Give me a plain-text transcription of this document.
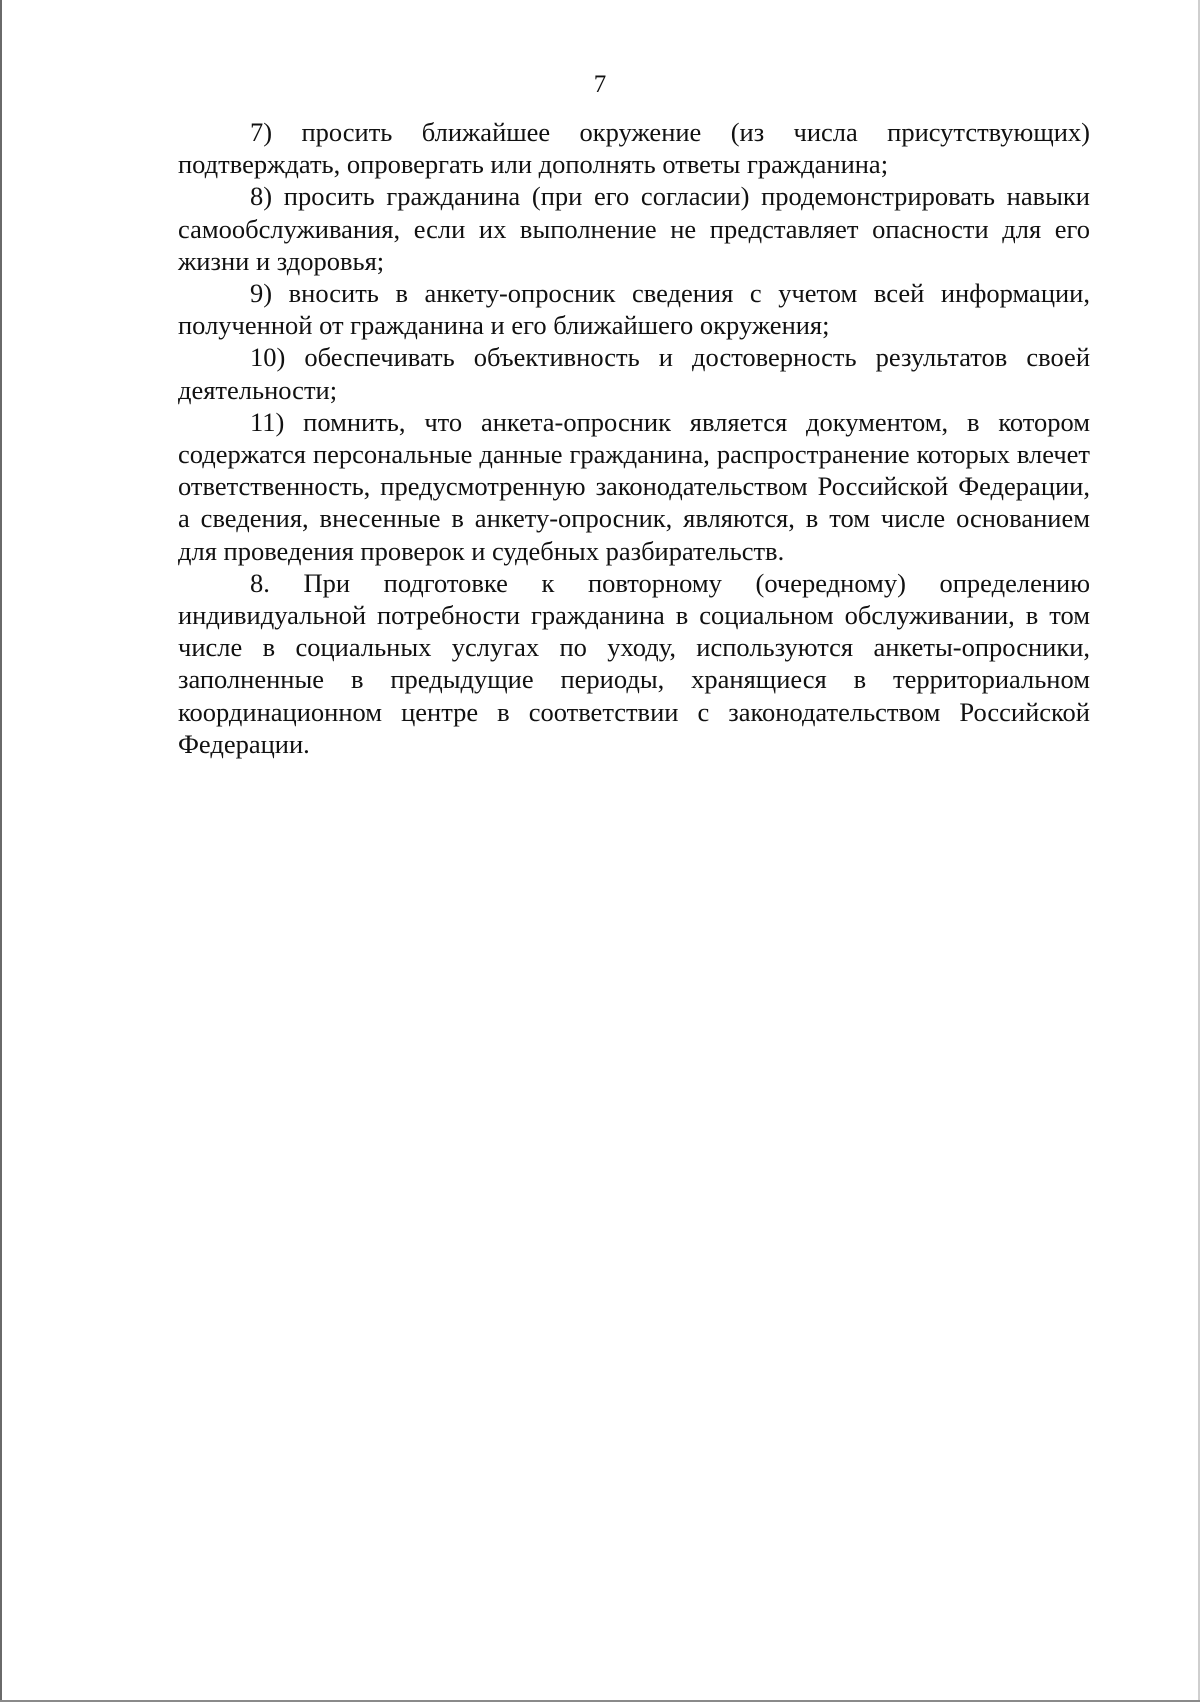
7

7) просить ближайшее окружение (из числа присутствующих) подтверждать, опровергать или дополнять ответы гражданина;

8) просить гражданина (при его согласии) продемонстрировать навыки самообслуживания, если их выполнение не представляет опасности для его жизни и здоровья;

9) вносить в анкету-опросник сведения с учетом всей информации, полученной от гражданина и его ближайшего окружения;

10) обеспечивать объективность и достоверность результатов своей деятельности;

11) помнить, что анкета-опросник является документом, в котором содержатся персональные данные гражданина, распространение которых влечет ответственность, предусмотренную законодательством Российской Федерации, а сведения, внесенные в анкету-опросник, являются, в том числе основанием для проведения проверок и судебных разбирательств.

8. При подготовке к повторному (очередному) определению индивидуальной потребности гражданина в социальном обслуживании, в том числе в социальных услугах по уходу, используются анкеты-опросники, заполненные в предыдущие периоды, хранящиеся в территориальном координационном центре в соответствии с законодательством Российской Федерации.
